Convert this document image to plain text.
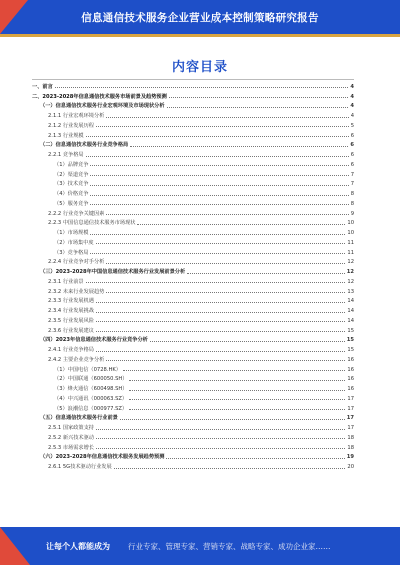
信息通信技术服务企业营业成本控制策略研究报告
内容目录
一、前言	4
二、2023-2028年信息通信技术服务市场前景及趋势预测	4
（一）信息通信技术服务行业宏观环境及市场现状分析	4
2.1.1 行业宏观环境分析	4
2.1.2 行业发展历程	5
2.1.3 行业规模	6
（二）信息通信技术服务行业竞争格局	6
2.2.1 竞争格局	6
（1）品牌竞争	6
（2）渠道竞争	7
（3）技术竞争	7
（4）价格竞争	8
（5）服务竞争	8
2.2.2 行业竞争关键因素	9
2.2.3 中国信息通信技术服务市场现状	10
（1）市场规模	10
（2）市场集中度	11
（3）竞争格局	11
2.2.4 行业竞争对手分析	12
（三）2023-2028年中国信息通信技术服务行业发展前景分析	12
2.3.1 行业前景	12
2.3.2 未来行业发展趋势	13
2.3.3 行业发展机遇	14
2.3.4 行业发展挑战	14
2.3.5 行业发展风险	14
2.3.6 行业发展建议	15
（四）2023年信息通信技术服务行业竞争分析	15
2.4.1 行业竞争格局	15
2.4.2 主要企业竞争分析	16
（1）中国电信（0728.HK）	16
（2）中国联通（600050.SH）	16
（3）烽火通信（600498.SH）	16
（4）中兴通讯（000063.SZ）	17
（5）浪潮信息（000977.SZ）	17
（五）信息通信技术服务行业前景	17
2.5.1 国家政策支持	17
2.5.2 新兴技术驱动	18
2.5.3 市场需求增长	18
（六）2023-2028年信息通信技术服务发展趋势预测	19
2.6.1 5G技术驱动行业发展	20
让每个人都能成为 行业专家、管理专家、营销专家、战略专家、成功企业家……
